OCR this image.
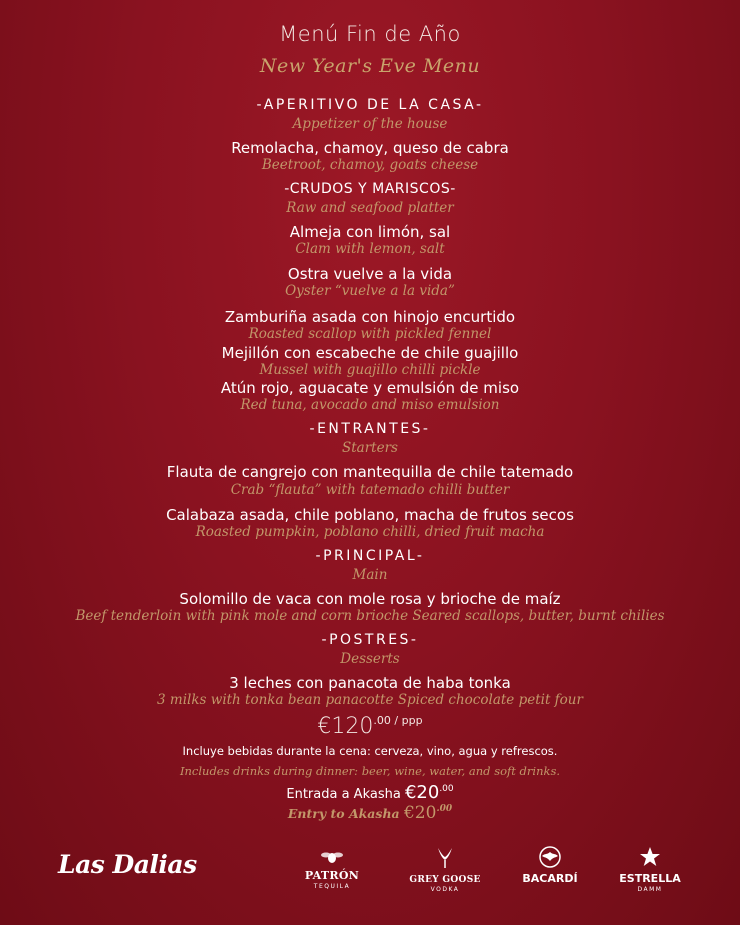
Menú Fin de Año
New Year's Eve Menu
-APERITIVO DE LA CASA-
Appetizer of the house
Remolacha, chamoy, queso de cabra
Beetroot, chamoy, goats cheese
-CRUDOS Y MARISCOS-
Raw and seafood platter
Almeja con limón, sal
Clam with lemon, salt
Ostra vuelve a la vida
Oyster “vuelve a la vida”
Zamburiña asada con hinojo encurtido
Roasted scallop with pickled fennel
Mejillón con escabeche de chile guajillo
Mussel with guajillo chilli pickle
Atún rojo, aguacate y emulsión de miso
Red tuna, avocado and miso emulsion
-ENTRANTES-
Starters
Flauta de cangrejo con mantequilla de chile tatemado
Crab “flauta” with tatemado chilli butter
Calabaza asada, chile poblano, macha de frutos secos
Roasted pumpkin, poblano chilli, dried fruit macha
-PRINCIPAL-
Main
Solomillo de vaca con mole rosa y brioche de maíz
Beef tenderloin with pink mole and corn brioche Seared scallops, butter, burnt chilies
-POSTRES-
Desserts
3 leches con panacota de haba tonka
3 milks with tonka bean panacotte Spiced chocolate petit four
$€120^{.00 / ppp}$
Incluye bebidas durante la cena: cerveza, vino, agua y refrescos.
Includes drinks during dinner: beer, wine, water, and soft drinks.
Entrada a Akasha $€20^{.00}$
Entry to Akasha $€20^{.00}$
Las Dalias	PATRÓN
TEQUILA
GREY GOOSE
VODKA
BACARDÍ	ESTRELLA
DAMM
